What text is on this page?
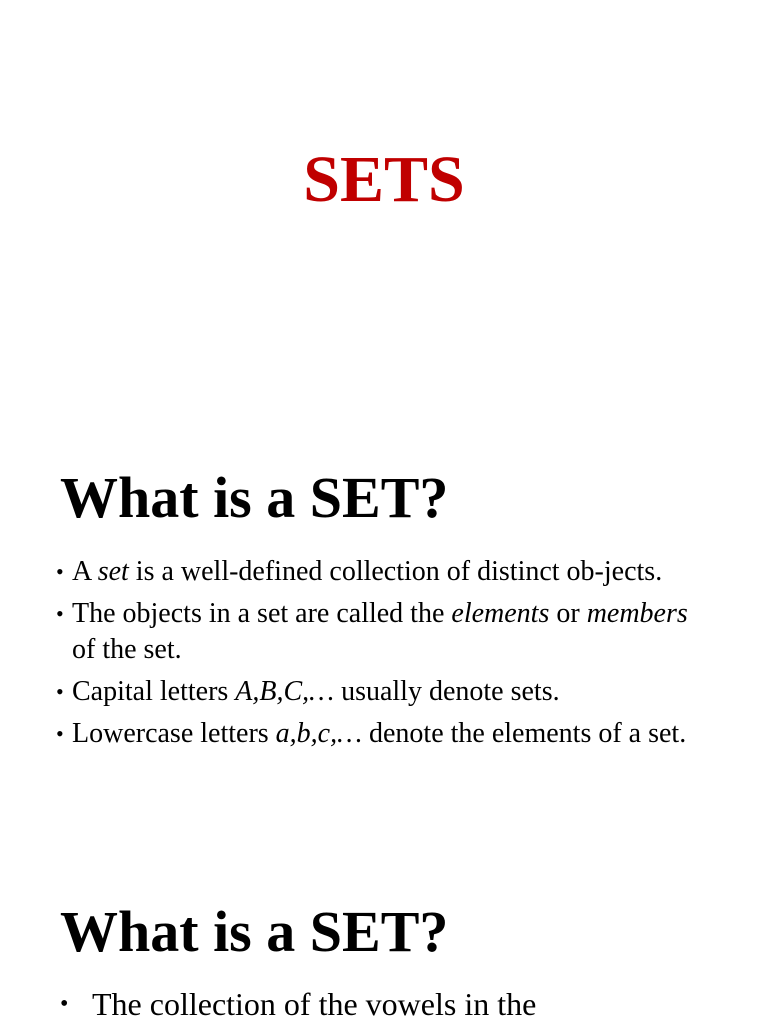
SETS
What is a SET?
• A set is a well-defined collection of distinct ob-jects.
• The objects in a set are called the elements or members of the set.
• Capital letters A,B,C,… usually denote sets.
• Lowercase letters a,b,c,… denote the elements of a set.
What is a SET?
• The collection of the vowels in the
